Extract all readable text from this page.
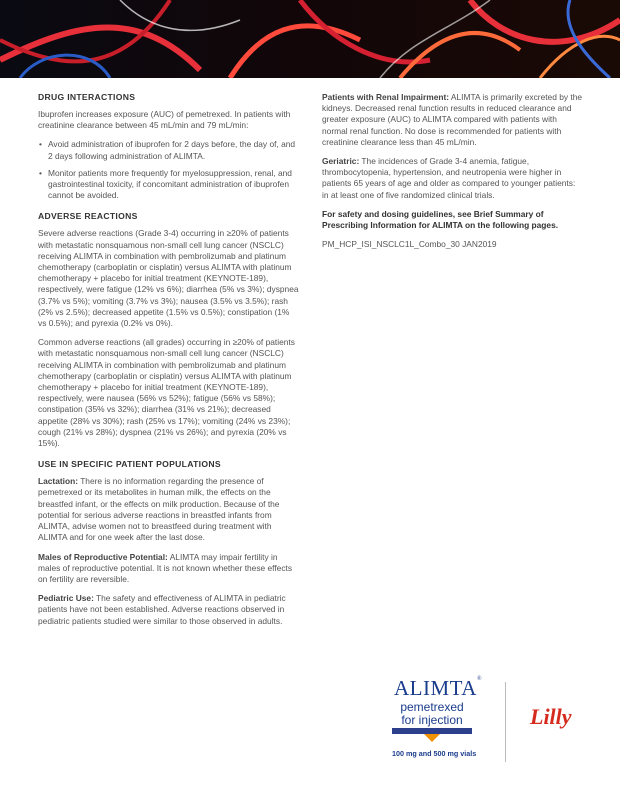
DRUG INTERACTIONS

Ibuprofen increases exposure (AUC) of pemetrexed. In patients with creatinine clearance between 45 mL/min and 79 mL/min:

• Avoid administration of ibuprofen for 2 days before, the day of, and 2 days following administration of ALIMTA.
• Monitor patients more frequently for myelosuppression, renal, and gastrointestinal toxicity, if concomitant administration of ibuprofen cannot be avoided.
ADVERSE REACTIONS

Severe adverse reactions (Grade 3-4) occurring in ≥20% of patients with metastatic nonsquamous non-small cell lung cancer (NSCLC) receiving ALIMTA in combination with pembrolizumab and platinum chemotherapy (carboplatin or cisplatin) versus ALIMTA with platinum chemotherapy + placebo for initial treatment (KEYNOTE-189), respectively, were fatigue (12% vs 6%); diarrhea (5% vs 3%); dyspnea (3.7% vs 5%); vomiting (3.7% vs 3%); nausea (3.5% vs 3.5%); rash (2% vs 2.5%); decreased appetite (1.5% vs 0.5%); constipation (1% vs 0.5%); and pyrexia (0.2% vs 0%).

Common adverse reactions (all grades) occurring in ≥20% of patients with metastatic nonsquamous non-small cell lung cancer (NSCLC) receiving ALIMTA in combination with pembrolizumab and platinum chemotherapy (carboplatin or cisplatin) versus ALIMTA with platinum chemotherapy + placebo for initial treatment (KEYNOTE-189), respectively, were nausea (56% vs 52%); fatigue (56% vs 58%); constipation (35% vs 32%); diarrhea (31% vs 21%); decreased appetite (28% vs 30%); rash (25% vs 17%); vomiting (24% vs 23%); cough (21% vs 28%); dyspnea (21% vs 26%); and pyrexia (20% vs 15%).

USE IN SPECIFIC PATIENT POPULATIONS

Lactation: There is no information regarding the presence of pemetrexed or its metabolites in human milk, the effects on the breastfed infant, or the effects on milk production. Because of the potential for serious adverse reactions in breastfed infants from ALIMTA, advise women not to breastfeed during treatment with ALIMTA and for one week after the last dose.

Males of Reproductive Potential: ALIMTA may impair fertility in males of reproductive potential. It is not known whether these effects on fertility are reversible.

Pediatric Use: The safety and effectiveness of ALIMTA in pediatric patients have not been established. Adverse reactions observed in pediatric patients studied were similar to those observed in adults.

Patients with Renal Impairment: ALIMTA is primarily excreted by the kidneys. Decreased renal function results in reduced clearance and greater exposure (AUC) to ALIMTA compared with patients with normal renal function. No dose is recommended for patients with creatinine clearance less than 45 mL/min.

Geriatric: The incidences of Grade 3-4 anemia, fatigue, thrombocytopenia, hypertension, and neutropenia were higher in patients 65 years of age and older as compared to younger patients: in at least one of five randomized clinical trials.

For safety and dosing guidelines, see Brief Summary of Prescribing Information for ALIMTA on the following pages.

PM_HCP_ISI_NSCLC1L_Combo_30 JAN2019

ALIMTA®
pemetrexed
for injection
100 mg and 500 mg vials
Lilly
